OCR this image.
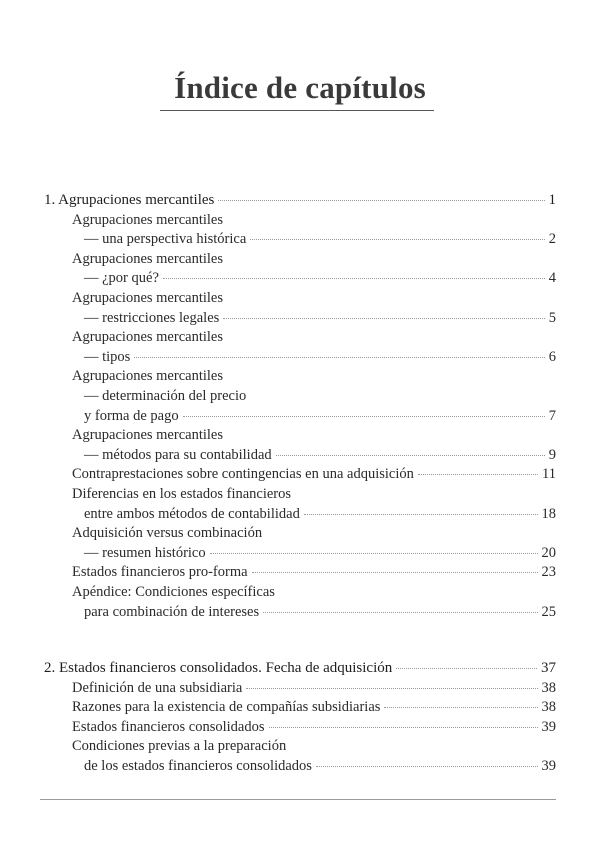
Índice de capítulos
1. Agrupaciones mercantiles	1
Agrupaciones mercantiles
— una perspectiva histórica	2
Agrupaciones mercantiles
— ¿por qué?	4
Agrupaciones mercantiles
— restricciones legales	5
Agrupaciones mercantiles
— tipos	6
Agrupaciones mercantiles
— determinación del precio
y forma de pago	7
Agrupaciones mercantiles
— métodos para su contabilidad	9
Contraprestaciones sobre contingencias en una adquisición	11
Diferencias en los estados financieros
entre ambos métodos de contabilidad	18
Adquisición versus combinación
— resumen histórico	20
Estados financieros pro-forma	23
Apéndice: Condiciones específicas
para combinación de intereses	25
2. Estados financieros consolidados. Fecha de adquisición	37
Definición de una subsidiaria	38
Razones para la existencia de compañías subsidiarias	38
Estados financieros consolidados	39
Condiciones previas a la preparación
de los estados financieros consolidados	39
